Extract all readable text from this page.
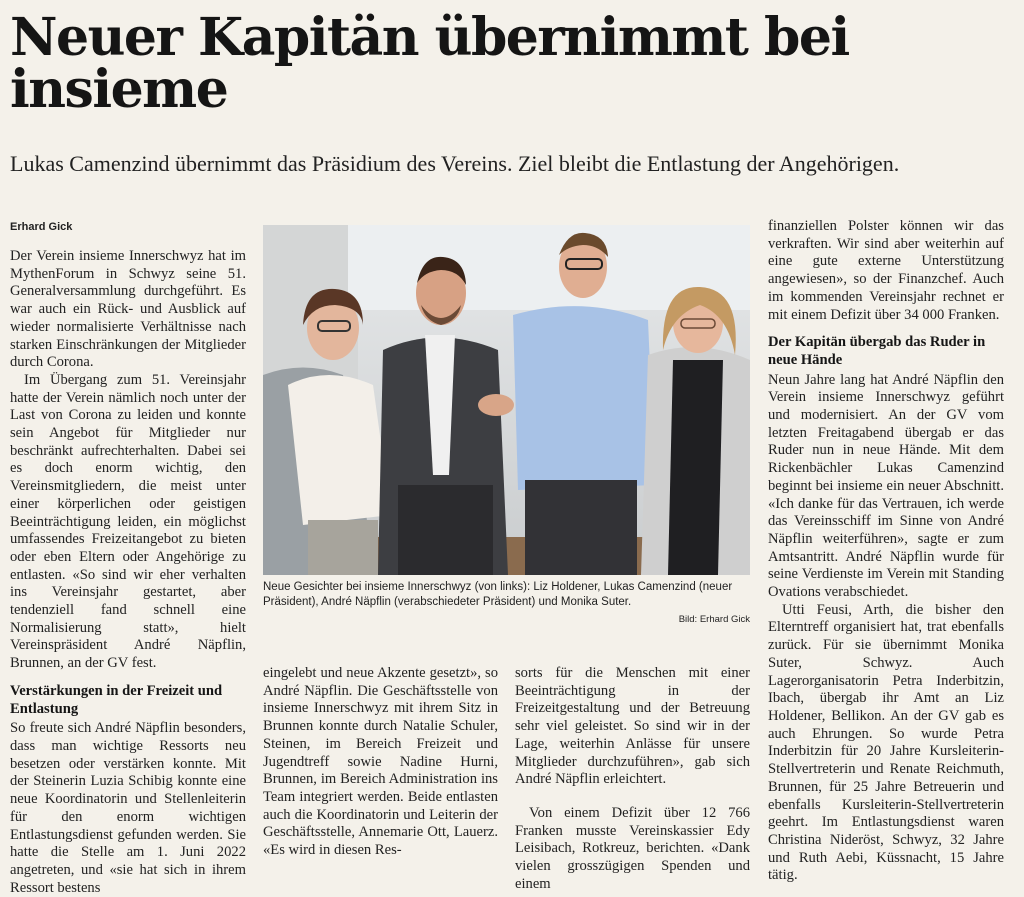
Neuer Kapitän übernimmt bei insieme

Lukas Camenzind übernimmt das Präsidium des Vereins. Ziel bleibt die Entlastung der Angehörigen.

Erhard Gick

Der Verein insieme Innerschwyz hat im MythenForum in Schwyz seine 51. Generalversammlung durchgeführt. Es war auch ein Rück- und Ausblick auf wieder normalisierte Verhältnisse nach starken Einschränkungen der Mitglieder durch Corona.

Im Übergang zum 51. Vereinsjahr hatte der Verein nämlich noch unter der Last von Corona zu leiden und konnte sein Angebot für Mitglieder nur beschränkt aufrechterhalten. Dabei sei es doch enorm wichtig, den Vereinsmitgliedern, die meist unter einer körperlichen oder geistigen Beeinträchtigung leiden, ein möglichst umfassendes Freizeitangebot zu bieten oder eben Eltern oder Angehörige zu entlasten. «So sind wir eher verhalten ins Vereinsjahr gestartet, aber tendenziell fand schnell eine Normalisierung statt», hielt Vereinspräsident André Näpflin, Brunnen, an der GV fest.

Verstärkungen in der Freizeit und Entlastung

So freute sich André Näpflin besonders, dass man wichtige Ressorts neu besetzen oder verstärken konnte. Mit der Steinerin Luzia Schibig konnte eine neue Koordinatorin und Stellenleiterin für den enorm wichtigen Entlastungsdienst gefunden werden. Sie hatte die Stelle am 1. Juni 2022 angetreten, und «sie hat sich in ihrem Ressort bestens

Neue Gesichter bei insieme Innerschwyz (von links): Liz Holdener, Lukas Camenzind (neuer Präsident), André Näpflin (verabschiedeter Präsident) und Monika Suter.

Bild: Erhard Gick

eingelebt und neue Akzente gesetzt», so André Näpflin. Die Geschäftsstelle von insieme Innerschwyz mit ihrem Sitz in Brunnen konnte durch Natalie Schuler, Steinen, im Bereich Freizeit und Jugendtreff sowie Nadine Hurni, Brunnen, im Bereich Administration ins Team integriert werden. Beide entlasten auch die Koordinatorin und Leiterin der Geschäftsstelle, Annemarie Ott, Lauerz. «Es wird in diesen Res-

sorts für die Menschen mit einer Beeinträchtigung in der Freizeitgestaltung und der Betreuung sehr viel geleistet. So sind wir in der Lage, weiterhin Anlässe für unsere Mitglieder durchzuführen», gab sich André Näpflin erleichtert.

Von einem Defizit über 12 766 Franken musste Vereinskassier Edy Leisibach, Rotkreuz, berichten. «Dank vielen grosszügigen Spenden und einem

finanziellen Polster können wir das verkraften. Wir sind aber weiterhin auf eine gute externe Unterstützung angewiesen», so der Finanzchef. Auch im kommenden Vereinsjahr rechnet er mit einem Defizit über 34 000 Franken.

Der Kapitän übergab das Ruder in neue Hände

Neun Jahre lang hat André Näpflin den Verein insieme Innerschwyz geführt und modernisiert. An der GV vom letzten Freitagabend übergab er das Ruder nun in neue Hände. Mit dem Rickenbächler Lukas Camenzind beginnt bei insieme ein neuer Abschnitt. «Ich danke für das Vertrauen, ich werde das Vereinsschiff im Sinne von André Näpflin weiterführen», sagte er zum Amtsantritt. André Näpflin wurde für seine Verdienste im Verein mit Standing Ovations verabschiedet.

Utti Feusi, Arth, die bisher den Elterntreff organisiert hat, trat ebenfalls zurück. Für sie übernimmt Monika Suter, Schwyz. Auch Lagerorganisatorin Petra Inderbitzin, Ibach, übergab ihr Amt an Liz Holdener, Bellikon. An der GV gab es auch Ehrungen. So wurde Petra Inderbitzin für 20 Jahre Kursleiterin-Stellvertreterin und Renate Reichmuth, Brunnen, für 25 Jahre Betreuerin und ebenfalls Kursleiterin-Stellvertreterin geehrt. Im Entlastungsdienst waren Christina Nideröst, Schwyz, 32 Jahre und Ruth Aebi, Küssnacht, 15 Jahre tätig.
